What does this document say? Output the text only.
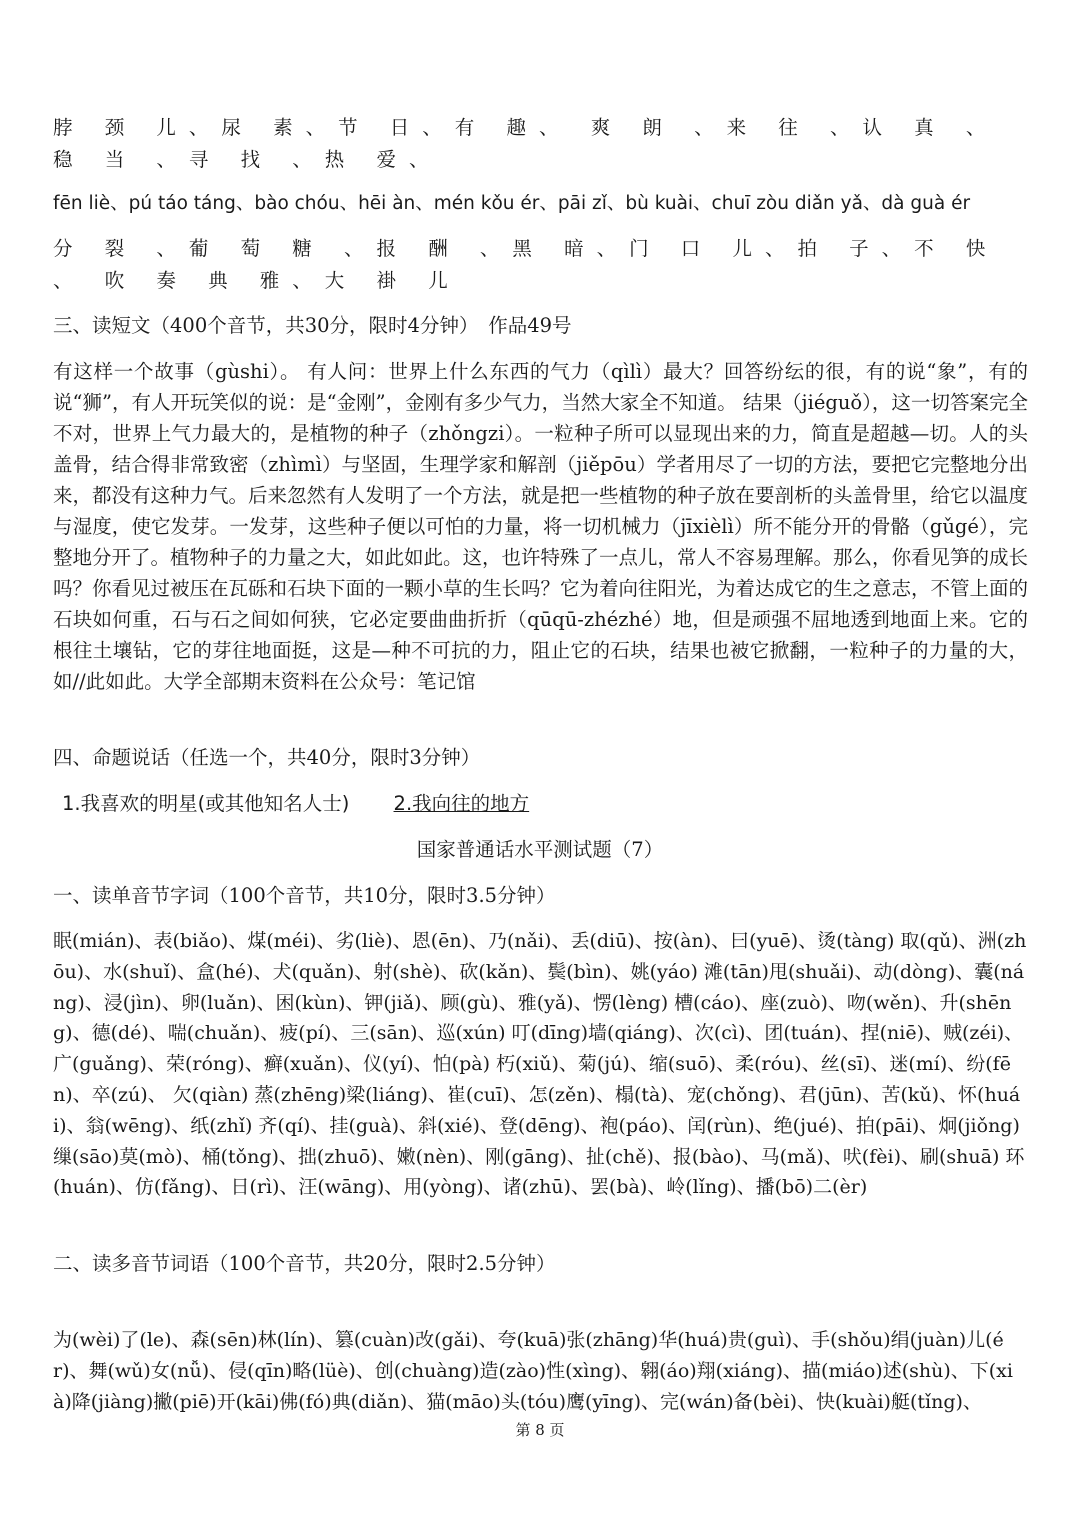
脖 颈 儿、尿 素、节 日、有 趣、 爽 朗 、来 往 、认 真 、稳 当 、寻 找 、热 爱、

fēn liè、pú táo táng、bào chóu、hēi àn、mén kǒu ér、pāi zǐ、bù kuài、chuī zòu diǎn yǎ、dà guà ér

分 裂 、葡 萄 糖 、报 酬 、黑 暗、门 口 儿、拍 子、不 快 、 吹 奏 典 雅、大 褂 儿

三、读短文（400个音节，共30分，限时4分钟）　作品49号

有这样一个故事（gùshi）。 有人问：世界上什么东西的气力（qìlì）最大？回答纷纭的很，有的说“象”，有的说“狮”，有人开玩笑似的说：是“金刚”，金刚有多少气力，当然大家全不知道。 结果（jiéguǒ），这一切答案完全不对，世界上气力最大的，是植物的种子（zhǒngzi）。一粒种子所可以显现出来的力，简直是超越—切。人的头盖骨，结合得非常致密（zhìmì）与坚固，生理学家和解剖（jiěpōu）学者用尽了一切的方法，要把它完整地分出来，都没有这种力气。后来忽然有人发明了一个方法，就是把一些植物的种子放在要剖析的头盖骨里，给它以温度与湿度，使它发芽。一发芽，这些种子便以可怕的力量，将一切机械力（jīxièlì）所不能分开的骨骼（gǔgé），完整地分开了。植物种子的力量之大，如此如此。这，也许特殊了一点儿，常人不容易理解。那么，你看见笋的成长吗？你看见过被压在瓦砾和石块下面的一颗小草的生长吗？它为着向往阳光，为着达成它的生之意志，不管上面的石块如何重，石与石之间如何狭，它必定要曲曲折折（qūqū-zhézhé）地，但是顽强不屈地透到地面上来。它的根往土壤钻，它的芽往地面挺，这是—种不可抗的力，阻止它的石块，结果也被它掀翻，一粒种子的力量的大，如//此如此。大学全部期末资料在公众号：笔记馆

四、命题说话（任选一个，共40分，限时3分钟）

1.我喜欢的明星(或其他知名人士) 2.我向往的地方
国家普通话水平测试题（7）

一、读单音节字词（100个音节，共10分，限时3.5分钟）

眠(mián)、表(biǎo)、煤(méi)、劣(liè)、恩(ēn)、乃(nǎi)、丢(diū)、按(àn)、曰(yuē)、烫(tàng) 取(qǔ)、洲(zhōu)、水(shuǐ)、盒(hé)、犬(quǎn)、射(shè)、砍(kǎn)、鬓(bìn)、姚(yáo) 滩(tān)甩(shuǎi)、动(dòng)、囊(náng)、浸(jìn)、卵(luǎn)、困(kùn)、钾(jiǎ)、顾(gù)、雅(yǎ)、愣(lèng) 槽(cáo)、座(zuò)、吻(wěn)、升(shēng)、德(dé)、喘(chuǎn)、疲(pí)、三(sān)、巡(xún) 叮(dīng)墙(qiáng)、次(cì)、团(tuán)、捏(niē)、贼(zéi)、广(guǎng)、荣(róng)、癣(xuǎn)、仪(yí)、怕(pà) 朽(xiǔ)、菊(jú)、缩(suō)、柔(róu)、丝(sī)、迷(mí)、纷(fēn)、卒(zú)、 欠(qiàn) 蒸(zhēng)梁(liáng)、崔(cuī)、怎(zěn)、榻(tà)、宠(chǒng)、君(jūn)、苦(kǔ)、怀(huái)、翁(wēng)、纸(zhǐ) 齐(qí)、挂(guà)、斜(xié)、登(dēng)、袍(páo)、闰(rùn)、绝(jué)、拍(pāi)、炯(jiǒng) 缫(sāo)莫(mò)、桶(tǒng)、拙(zhuō)、嫩(nèn)、刚(gāng)、扯(chě)、报(bào)、马(mǎ)、吠(fèi)、刷(shuā) 环(huán)、仿(fǎng)、日(rì)、汪(wāng)、用(yòng)、诸(zhū)、罢(bà)、岭(lǐng)、播(bō)二(èr)

二、读多音节词语（100个音节，共20分，限时2.5分钟）

为(wèi)了(le)、森(sēn)林(lín)、篡(cuàn)改(gǎi)、夸(kuā)张(zhāng)华(huá)贵(guì)、手(shǒu)绢(juàn)儿(ér)、舞(wǔ)女(nǚ)、侵(qīn)略(lüè)、创(chuàng)造(zào)性(xìng)、翱(áo)翔(xiáng)、描(miáo)述(shù)、下(xià)降(jiàng)撇(piē)开(kāi)佛(fó)典(diǎn)、猫(māo)头(tóu)鹰(yīng)、完(wán)备(bèi)、快(kuài)艇(tǐng)、

第 8 页
